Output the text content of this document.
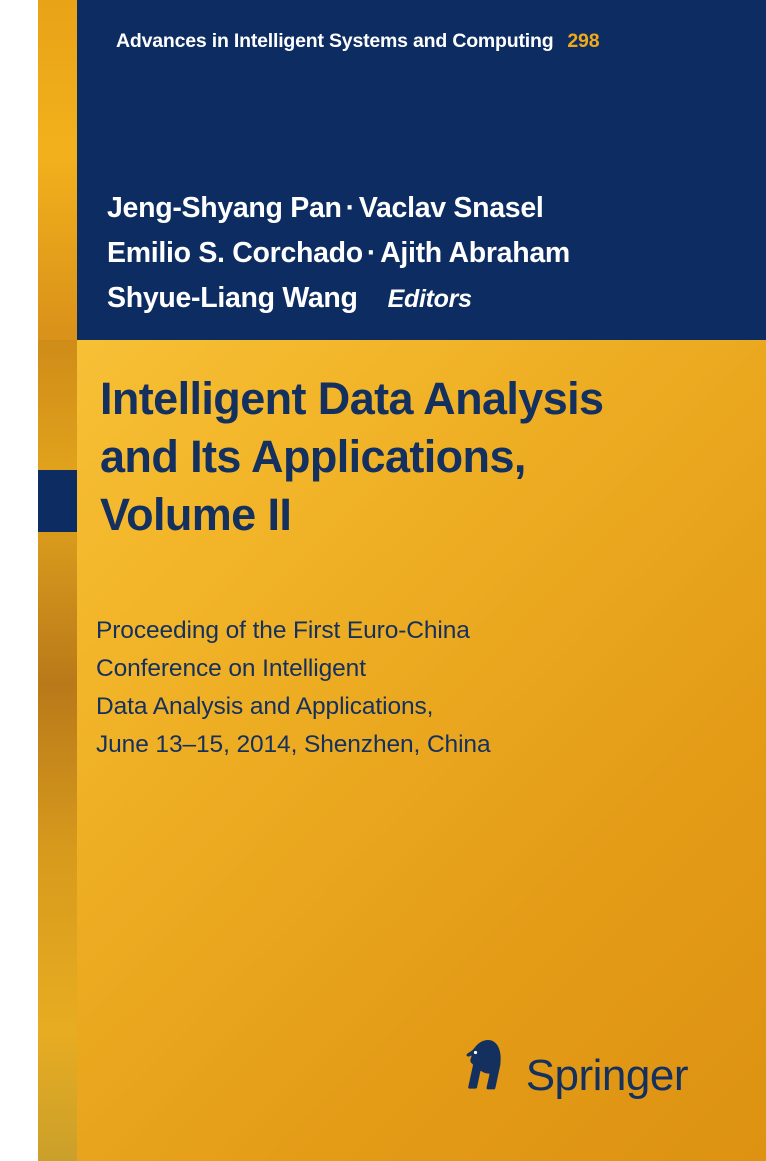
Advances in Intelligent Systems and Computing 298
Jeng-Shyang Pan · Vaclav Snasel
Emilio S. Corchado · Ajith Abraham
Shyue-Liang Wang Editors
Intelligent Data Analysis
and Its Applications,
Volume II
Proceeding of the First Euro-China
Conference on Intelligent
Data Analysis and Applications,
June 13–15, 2014, Shenzhen, China
Springer
